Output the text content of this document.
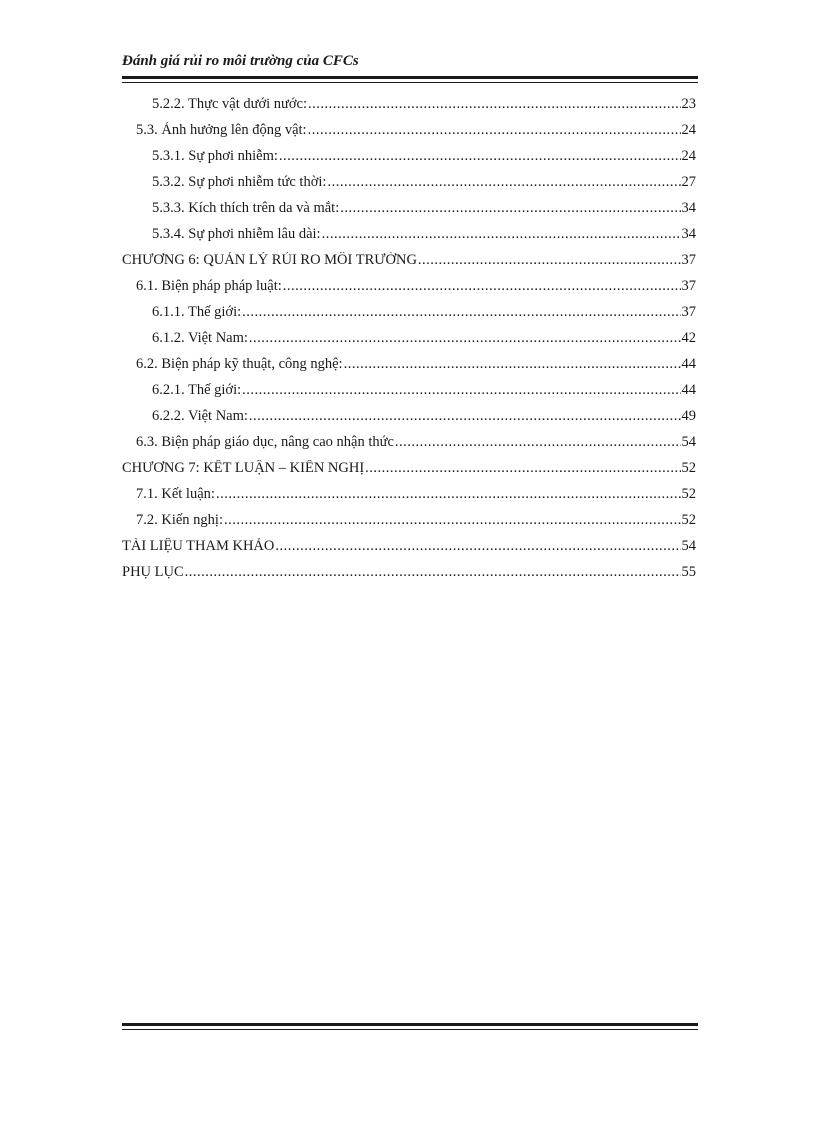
Đánh giá rủi ro môi trường của CFCs
5.2.2. Thực vật dưới nước: .....	23
5.3. Ảnh hưởng lên động vật: .....	24
5.3.1. Sự phơi nhiễm: .....	24
5.3.2. Sự phơi nhiễm tức thời: .....	27
5.3.3. Kích thích trên da và mắt: .....	34
5.3.4. Sự phơi nhiễm lâu dài: .....	34
CHƯƠNG 6: QUẢN LÝ RỦI RO MÔI TRƯỜNG .....	37
6.1. Biện pháp pháp luật: .....	37
6.1.1. Thế giới: .....	37
6.1.2. Việt Nam: .....	42
6.2. Biện pháp kỹ thuật, công nghệ: .....	44
6.2.1. Thế giới: .....	44
6.2.2. Việt Nam: .....	49
6.3. Biện pháp giáo dục, nâng cao nhận thức .....	54
CHƯƠNG 7: KẾT LUẬN – KIẾN NGHỊ .....	52
7.1. Kết luận: .....	52
7.2. Kiến nghị: .....	52
TÀI LIỆU THAM KHẢO .....	54
PHỤ LỤC .....	55
